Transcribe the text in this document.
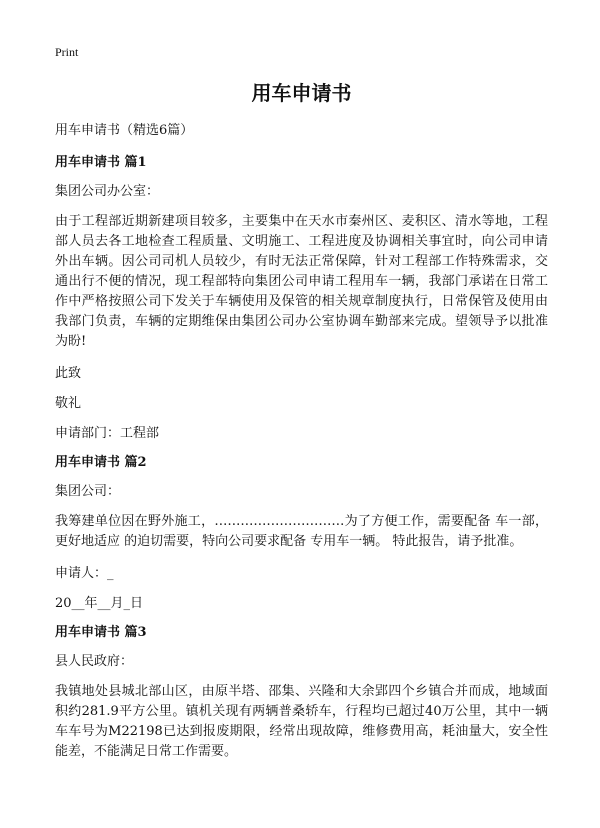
Print
用车申请书
用车申请书（精选6篇）
用车申请书 篇1
集团公司办公室：
由于工程部近期新建项目较多，主要集中在天水市秦州区、麦积区、清水等地，工程部人员去各工地检查工程质量、文明施工、工程进度及协调相关事宜时，向公司申请外出车辆。因公司司机人员较少，有时无法正常保障，针对工程部工作特殊需求，交通出行不便的情况，现工程部特向集团公司申请工程用车一辆，我部门承诺在日常工作中严格按照公司下发关于车辆使用及保管的相关规章制度执行，日常保管及使用由我部门负责，车辆的定期维保由集团公司办公室协调车勤部来完成。望领导予以批准为盼!
此致
敬礼
申请部门：工程部
用车申请书 篇2
集团公司：
我筹建单位因在野外施工，…………………………为了方便工作，需要配备 车一部，更好地适应 的迫切需要，特向公司要求配备 专用车一辆。 特此报告，请予批准。
申请人：_
20__年__月_日
用车申请书 篇3
县人民政府：
我镇地处县城北部山区，由原半塔、邵集、兴隆和大余郢四个乡镇合并而成，地域面积约281.9平方公里。镇机关现有两辆普桑轿车，行程均已超过40万公里，其中一辆车车号为M22198已达到报废期限，经常出现故障，维修费用高，耗油量大，安全性能差，不能满足日常工作需要。
